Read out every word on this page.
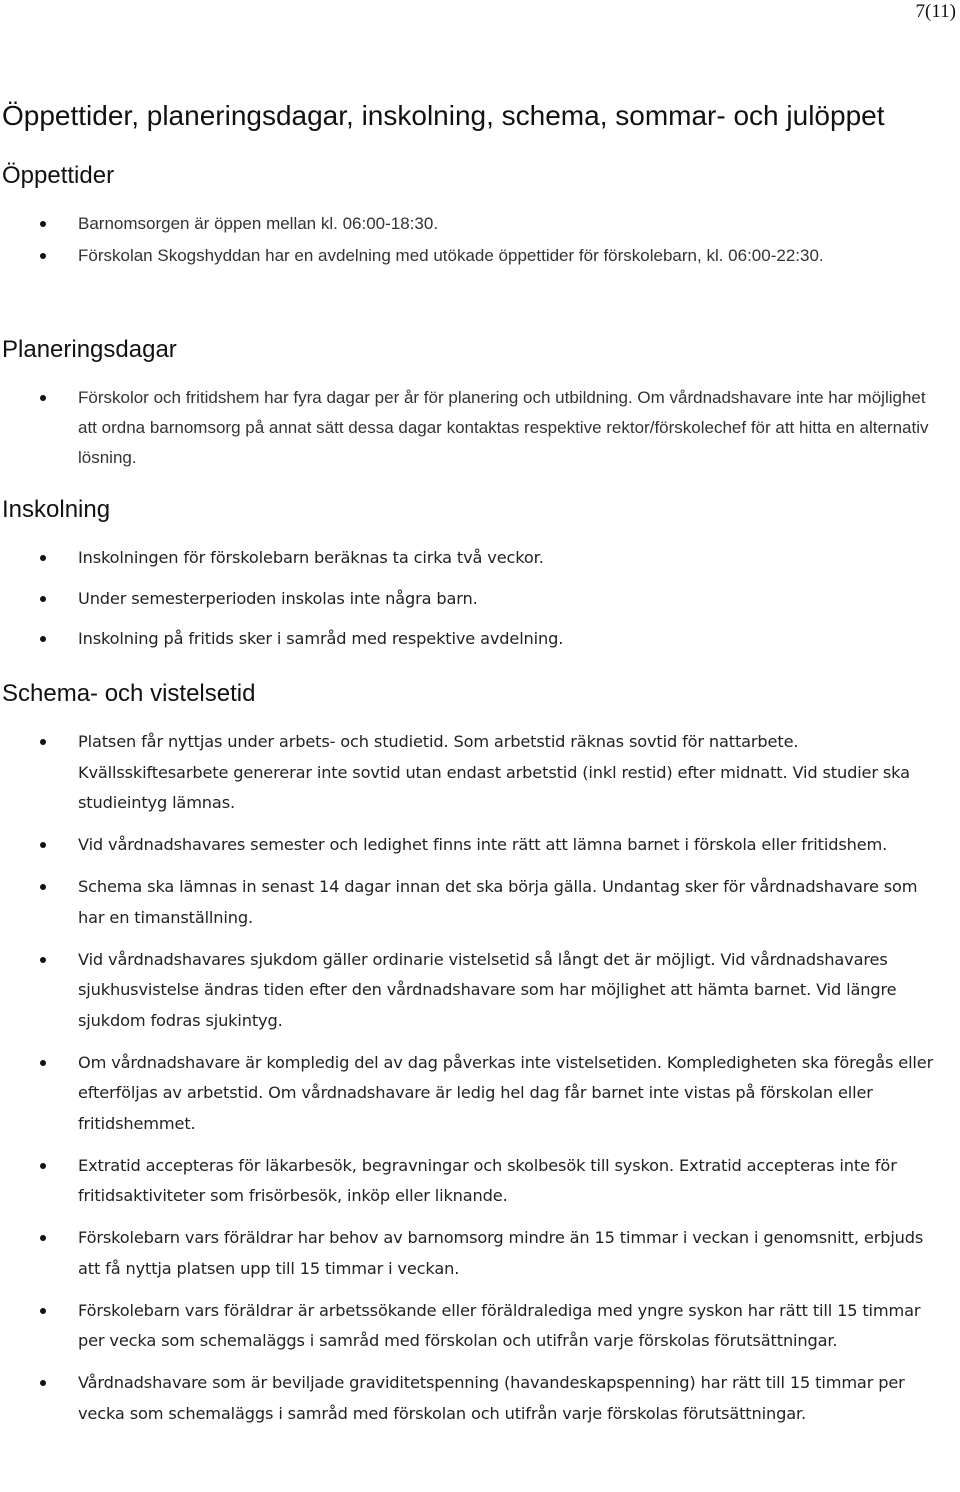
7(11)
Öppettider, planeringsdagar, inskolning, schema, sommar- och julöppet
Öppettider
Barnomsorgen är öppen mellan kl. 06:00-18:30.
Förskolan Skogshyddan har en avdelning med utökade öppettider för förskolebarn, kl. 06:00-22:30.
Planeringsdagar
Förskolor och fritidshem har fyra dagar per år för planering och utbildning. Om vårdnadshavare inte har möjlighet att ordna barnomsorg på annat sätt dessa dagar kontaktas respektive rektor/förskolechef för att hitta en alternativ lösning.
Inskolning
Inskolningen för förskolebarn beräknas ta cirka två veckor.
Under semesterperioden inskolas inte några barn.
Inskolning på fritids sker i samråd med respektive avdelning.
Schema- och vistelsetid
Platsen får nyttjas under arbets- och studietid. Som arbetstid räknas sovtid för nattarbete. Kvällsskiftesarbete genererar inte sovtid utan endast arbetstid (inkl restid) efter midnatt. Vid studier ska studieintyg lämnas.
Vid vårdnadshavares semester och ledighet finns inte rätt att lämna barnet i förskola eller fritidshem.
Schema ska lämnas in senast 14 dagar innan det ska börja gälla. Undantag sker för vårdnadshavare som har en timanställning.
Vid vårdnadshavares sjukdom gäller ordinarie vistelsetid så långt det är möjligt. Vid vårdnadshavares sjukhusvistelse ändras tiden efter den vårdnadshavare som har möjlighet att hämta barnet. Vid längre sjukdom fodras sjukintyg.
Om vårdnadshavare är kompledig del av dag påverkas inte vistelsetiden. Kompledigheten ska föregås eller efterföljas av arbetstid. Om vårdnadshavare är ledig hel dag får barnet inte vistas på förskolan eller fritidshemmet.
Extratid accepteras för läkarbesök, begravningar och skolbesök till syskon. Extratid accepteras inte för fritidsaktiviteter som frisörbesök, inköp eller liknande.
Förskolebarn vars föräldrar har behov av barnomsorg mindre än 15 timmar i veckan i genomsnitt, erbjuds att få nyttja platsen upp till 15 timmar i veckan.
Förskolebarn vars föräldrar är arbetssökande eller föräldralediga med yngre syskon har rätt till 15 timmar per vecka som schemaläggs i samråd med förskolan och utifrån varje förskolas förutsättningar.
Vårdnadshavare som är beviljade graviditetspenning (havandeskapspenning) har rätt till 15 timmar per vecka som schemaläggs i samråd med förskolan och utifrån varje förskolas förutsättningar.
